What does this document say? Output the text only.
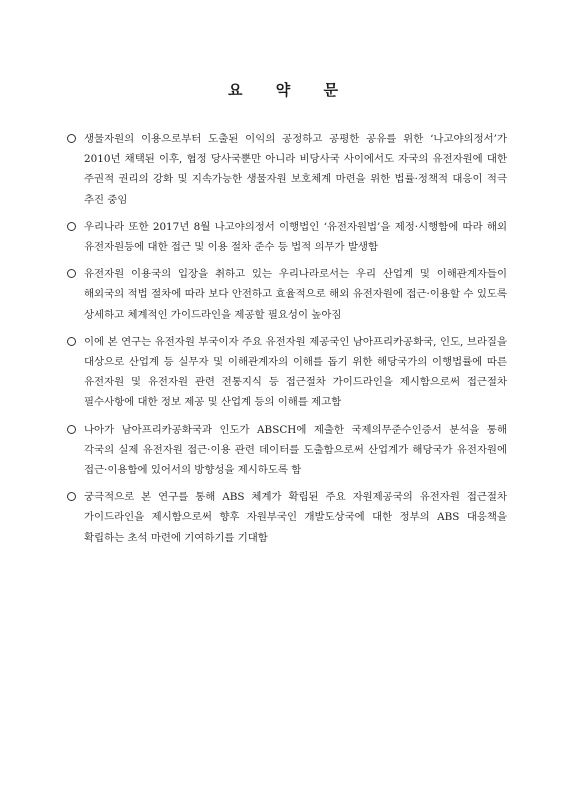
요 약 문
생물자원의 이용으로부터 도출된 이익의 공정하고 공평한 공유를 위한 ‘나고야의정서’가 2010년 채택된 이후, 협정 당사국뿐만 아니라 비당사국 사이에서도 자국의 유전자원에 대한 주권적 권리의 강화 및 지속가능한 생물자원 보호체계 마련을 위한 법률·정책적 대응이 적극 추진 중임
우리나라 또한 2017년 8월 나고야의정서 이행법인 ‘유전자원법’을 제정·시행함에 따라 해외 유전자원등에 대한 접근 및 이용 절차 준수 등 법적 의무가 발생함
유전자원 이용국의 입장을 취하고 있는 우리나라로서는 우리 산업계 및 이해관계자들이 해외국의 적법 절차에 따라 보다 안전하고 효율적으로 해외 유전자원에 접근·이용할 수 있도록 상세하고 체계적인 가이드라인을 제공할 필요성이 높아짐
이에 본 연구는 유전자원 부국이자 주요 유전자원 제공국인 남아프리카공화국, 인도, 브라질을 대상으로 산업계 등 실무자 및 이해관계자의 이해를 돕기 위한 해당국가의 이행법률에 따른 유전자원 및 유전자원 관련 전통지식 등 접근절차 가이드라인을 제시함으로써 접근절차 필수사항에 대한 정보 제공 및 산업계 등의 이해를 제고함
나아가 남아프리카공화국과 인도가 ABSCH에 제출한 국제의무준수인증서 분석을 통해 각국의 실제 유전자원 접근·이용 관련 데이터를 도출함으로써 산업계가 해당국가 유전자원에 접근·이용함에 있어서의 방향성을 제시하도록 함
궁극적으로 본 연구를 통해 ABS 체계가 확립된 주요 자원제공국의 유전자원 접근절차 가이드라인을 제시함으로써 향후 자원부국인 개발도상국에 대한 정부의 ABS 대응책을 확립하는 초석 마련에 기여하기를 기대함
